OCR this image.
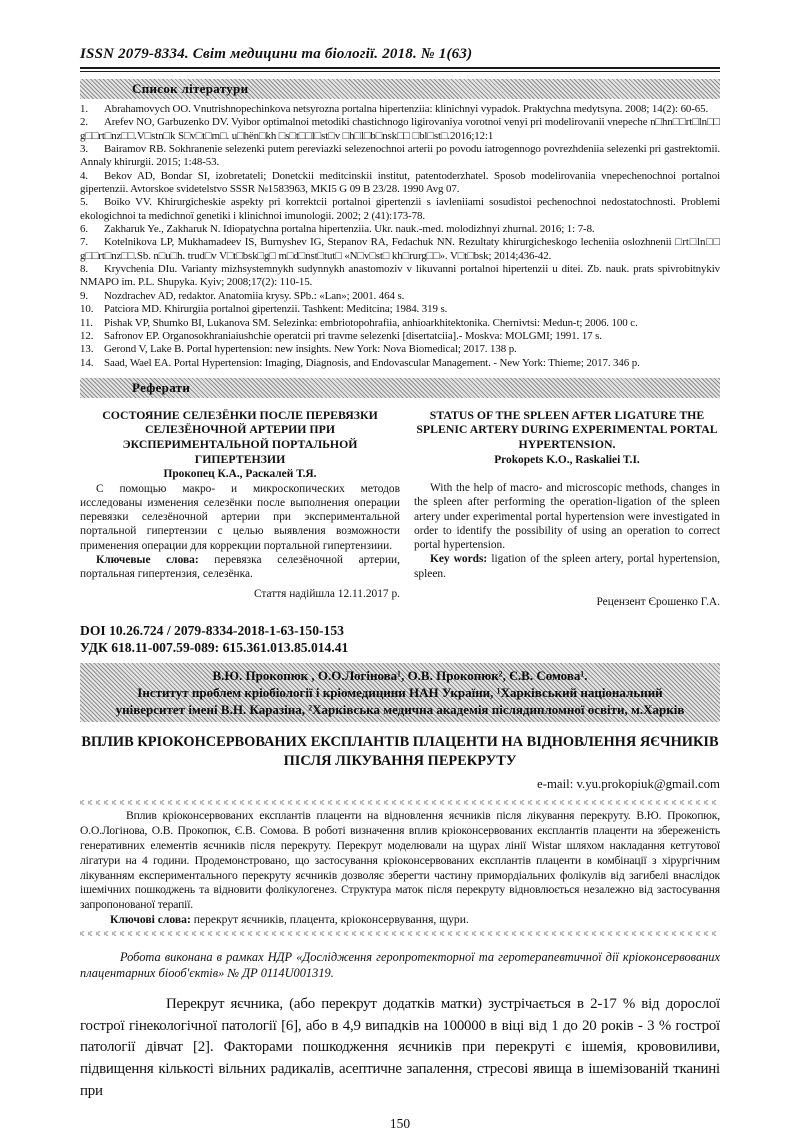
ISSN 2079-8334. Світ медицини та біології. 2018. № 1(63)
Список літератури

1. Abrahamovych OO. Vnutrishnopechinkova netsyrozna portalna hipertenziia: klinichnyi vypadok. Praktychna medytsyna. 2008; 14(2): 60-65.

2. Arefev NO, Garbuzenko DV. Vyibor optimalnoi metodiki chastichnogo ligirovaniya vorotnoi venyi pri modelirovanii vnepeche n□hn□□rt□ln□□ g□□rt□nz□□.V□stn□k S□v□t□m□. u□hën□kh □s□t□□l□st□v □h□l□b□nsk□□ □bl□st□.2016;12:1

3. Bairamov RB. Sokhranenie selezenki putem pereviazki selezenochnoi arterii po povodu iatrogennogo povrezhdeniia selezenki pri gastrektomii. Annaly khirurgii. 2015; 1:48-53.

4. Bekov AD, Bondar SI, izobretateli; Donetckii meditcinskii institut, patentoderzhatel. Sposob modelirovaniia vnepechenochnoi portalnoi gipertenzii. Avtorskoe svidetelstvo SSSR №1583963, MKI5 G 09 B 23/28. 1990 Avg 07.

5. Boiko VV. Khirurgicheskie aspekty pri korrektcii portalnoi gipertenzii s iavleniiami sosudistoi pechenochnoi nedostatochnosti. Problemi ekologichnoi ta medichnoï genetiki i klinichnoi imunologii. 2002; 2 (41):173-78.

6. Zakharuk Ye., Zakharuk N. Idiopatychna portalna hipertenziia. Ukr. nauk.-med. molodizhnyi zhurnal. 2016; 1: 7-8.

7. Kotelnikova LP, Mukhamadeev IS, Burnyshev IG, Stepanov RA, Fedachuk NN. Rezultaty khirurgicheskogo lecheniia oslozhnenii □rt□ln□□ g□□rt□nz□□.Sb. n□u□h. trud□v V□t□bsk□g□ m□d□nst□tut□ «N□v□st□ kh□rurg□□». V□t□bsk; 2014;436-42.

8. Kryvchenia DIu. Varianty mizhsystemnykh sudynnykh anastomoziv v likuvanni portalnoi hipertenzii u ditei. Zb. nauk. prats spivrobitnykiv NMAPO im. P.L. Shupyka. Kyiv; 2008;17(2): 110-15.

9. Nozdrachev AD, redaktor. Anatomiia krysy. SPb.: «Lan»; 2001. 464 s.

10. Patciora MD. Khirurgiia portalnoi gipertenzii. Tashkent: Meditcina; 1984. 319 s.

11. Pishak VP, Shumko BI, Lukanova SM. Selezinka: embriotopohrafiia, anhioarkhitektonika. Chernivtsi: Medun-t; 2006. 100 c.

12. Safronov EP. Organosokhraniaiushchie operatcii pri travme selezenki [disertatciia].- Moskva: MOLGMI; 1991. 17 s.

13. Gerond V, Lake B. Portal hypertension: new insights. New York: Nova Biomedical; 2017. 138 p.

14. Saad, Wael EA. Portal Hypertension: Imaging, Diagnosis, and Endovascular Management. - New York: Thieme; 2017. 346 p.

Реферати
СОСТОЯНИЕ СЕЛЕЗЁНКИ ПОСЛЕ ПЕРЕВЯЗКИ СЕЛЕЗЁНОЧНОЙ АРТЕРИИ ПРИ ЭКСПЕРИМЕНТАЛЬНОЙ ПОРТАЛЬНОЙ ГИПЕРТЕНЗИИ
Прокопец К.А., Раскалей Т.Я.

С помощью макро- и микроскопических методов исследованы изменения селезёнки после выполнения операции перевязки селезёночной артерии при экспериментальной портальной гипертензии с целью выявления возможности применения операции для коррекции портальной гипертензиии.

Ключевые слова: перевязка селезёночной артерии, портальная гипертензия, селезёнка.

Стаття надійшла 12.11.2017 р.
STATUS OF THE SPLEEN AFTER LIGATURE THE SPLENIC ARTERY DURING EXPERIMENTAL PORTAL HYPERTENSION.
Prokopets K.O., Raskaliei T.I.

With the help of macro- and microscopic methods, changes in the spleen after performing the operation-ligation of the spleen artery under experimental portal hypertension were investigated in order to identify the possibility of using an operation to correct portal hypertension.

Key words: ligation of the spleen artery, portal hypertension, spleen.

Рецензент Єрошенко Г.А.
DOI 10.26.724 / 2079-8334-2018-1-63-150-153
УДК 618.11-007.59-089: 615.361.013.85.014.41
В.Ю. Прокопюк , О.О.Логінова¹, О.В. Прокопюк², Є.В. Сомова¹.
Інститут проблем кріобіології і кріомедицини НАН України, ¹Харківський національний
університет імені В.Н. Каразіна, ²Харківська медична академія післядипломної освіти, м.Харків
ВПЛИВ КРІОКОНСЕРВОВАНИХ ЕКСПЛАНТІВ ПЛАЦЕНТИ НА ВІДНОВЛЕННЯ ЯЄЧНИКІВ ПІСЛЯ ЛІКУВАННЯ ПЕРЕКРУТУ
e-mail: v.yu.prokopiuk@gmail.com

Вплив кріоконсервованих експлантів плаценти на відновлення яєчників після лікування перекруту. В.Ю. Прокопюк, О.О.Логінова, О.В. Прокопюк, Є.В. Сомова. В роботі визначення вплив кріоконсервованих експлантів плаценти на збереженість генеративних елементів яєчників після перекруту. Перекрут моделювали на щурах лінії Wistar шляхом накладання кетгутової лігатури на 4 години. Продемонстровано, що застосування кріоконсервованих експлантів плаценти в комбінації з хірургічним лікуванням експериментального перекруту яєчників дозволяє зберегти частину примордіальних фолікулів від загибелі внаслідок ішемічних пошкоджень та відновити фолікулогенез. Структура маток після перекруту відновлюється незалежно від застосування запропонованої терапії.

Ключові слова: перекрут яєчників, плацента, кріоконсервування, щури.

Робота виконана в рамках НДР «Дослідження геропротекторної та геротерапевтичної дії кріоконсервованих плацентарних біооб'єктів» № ДР 0114U001319.

Перекрут яєчника, (або перекрут додатків матки) зустрічається в 2-17 % від дорослої гострої гінекологічної патології [6], або в 4,9 випадків на 100000 в віці від 1 до 20 років - 3 % гострої патології дівчат [2]. Факторами пошкодження яєчників при перекруті є ішемія, крововиливи, підвищення кількості вільних радикалів, асептичне запалення, стресові явища в ішемізованій тканині при

150
